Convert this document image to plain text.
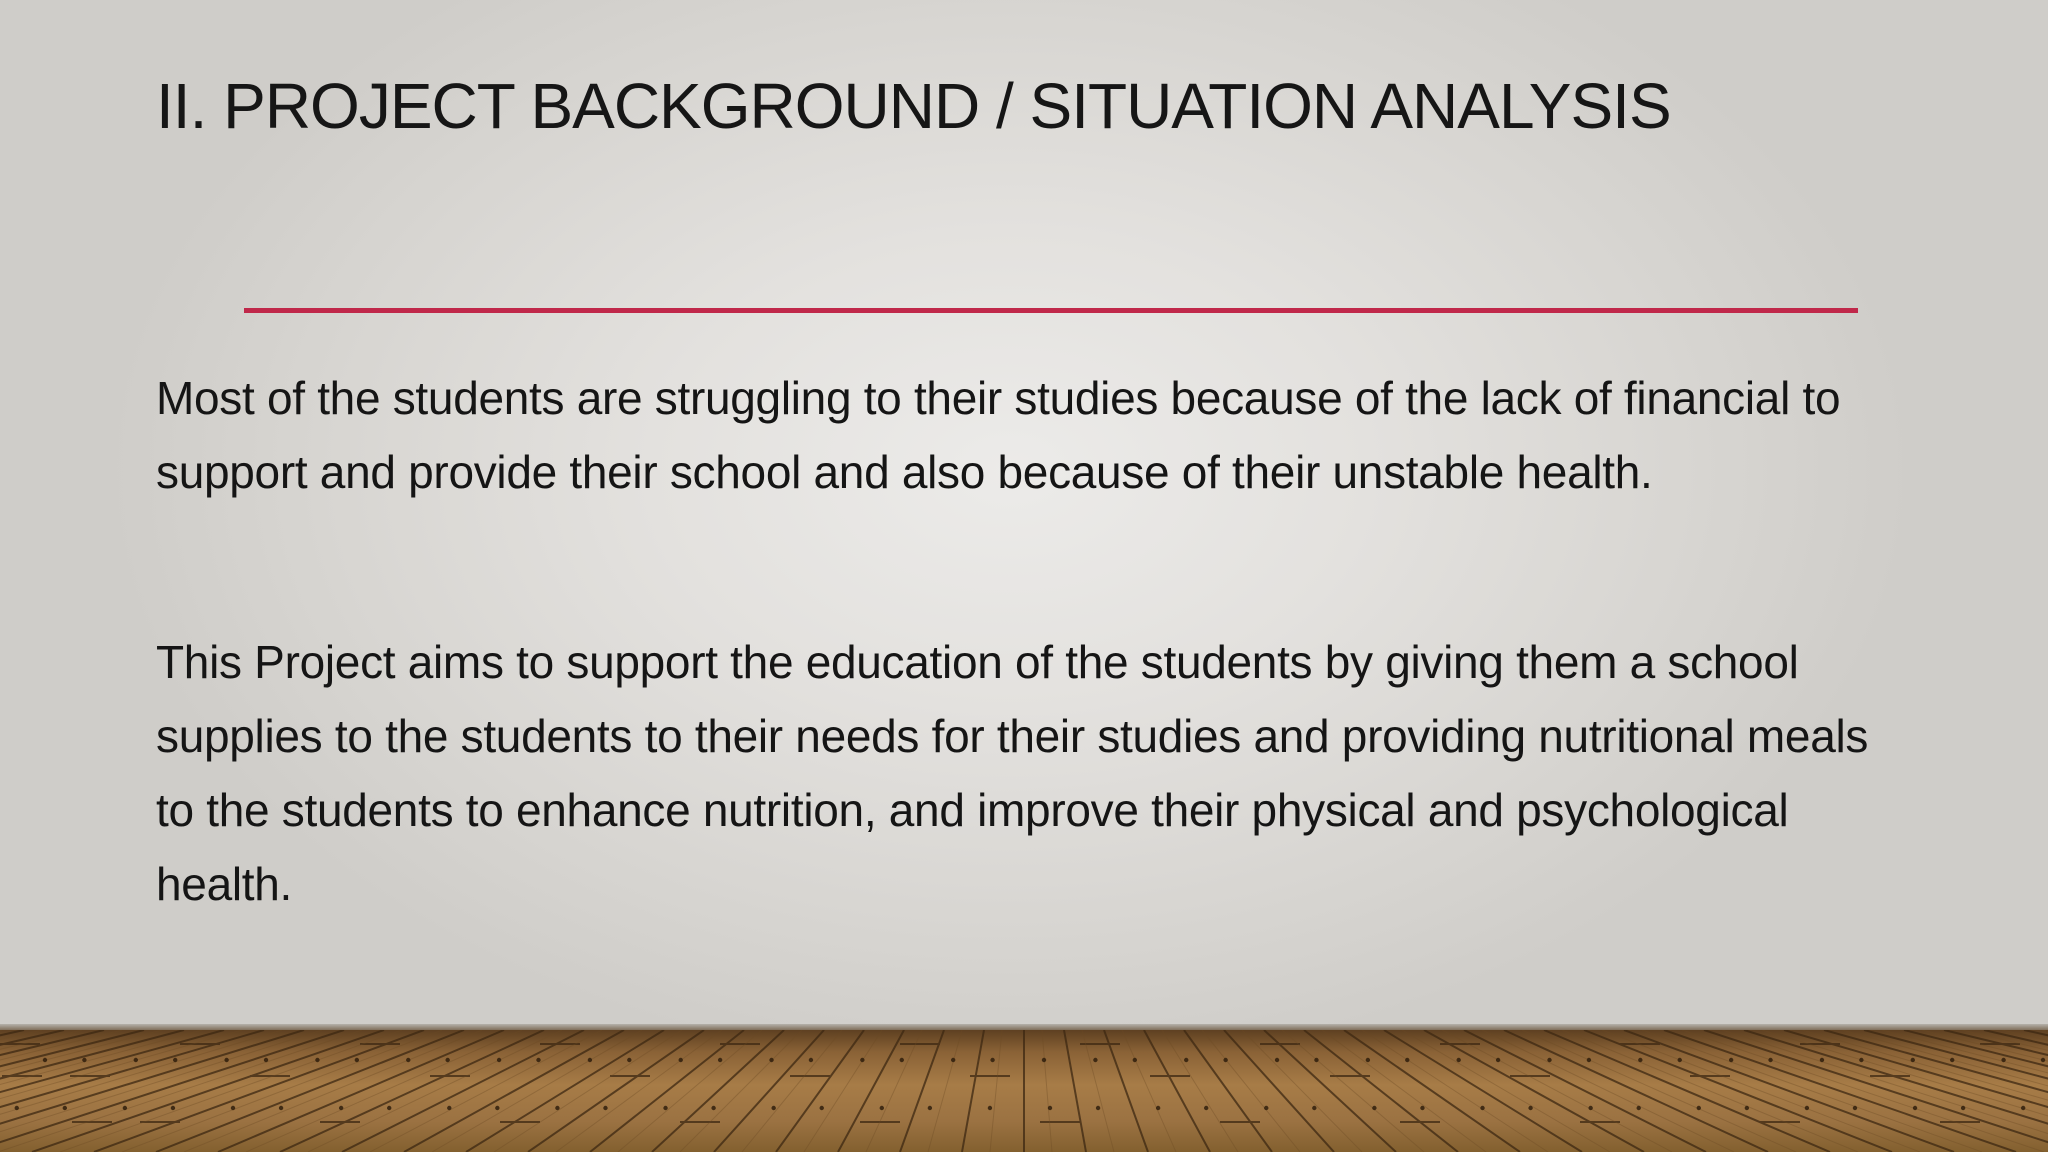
II. PROJECT BACKGROUND / SITUATION ANALYSIS
Most of the students are struggling to their studies because of the lack of financial to support and provide their school and also because of their unstable health.
This Project aims to support the education of the students by giving them a school supplies to the students to their needs for their studies and providing nutritional meals to the students to enhance nutrition, and improve their physical and psychological health.
